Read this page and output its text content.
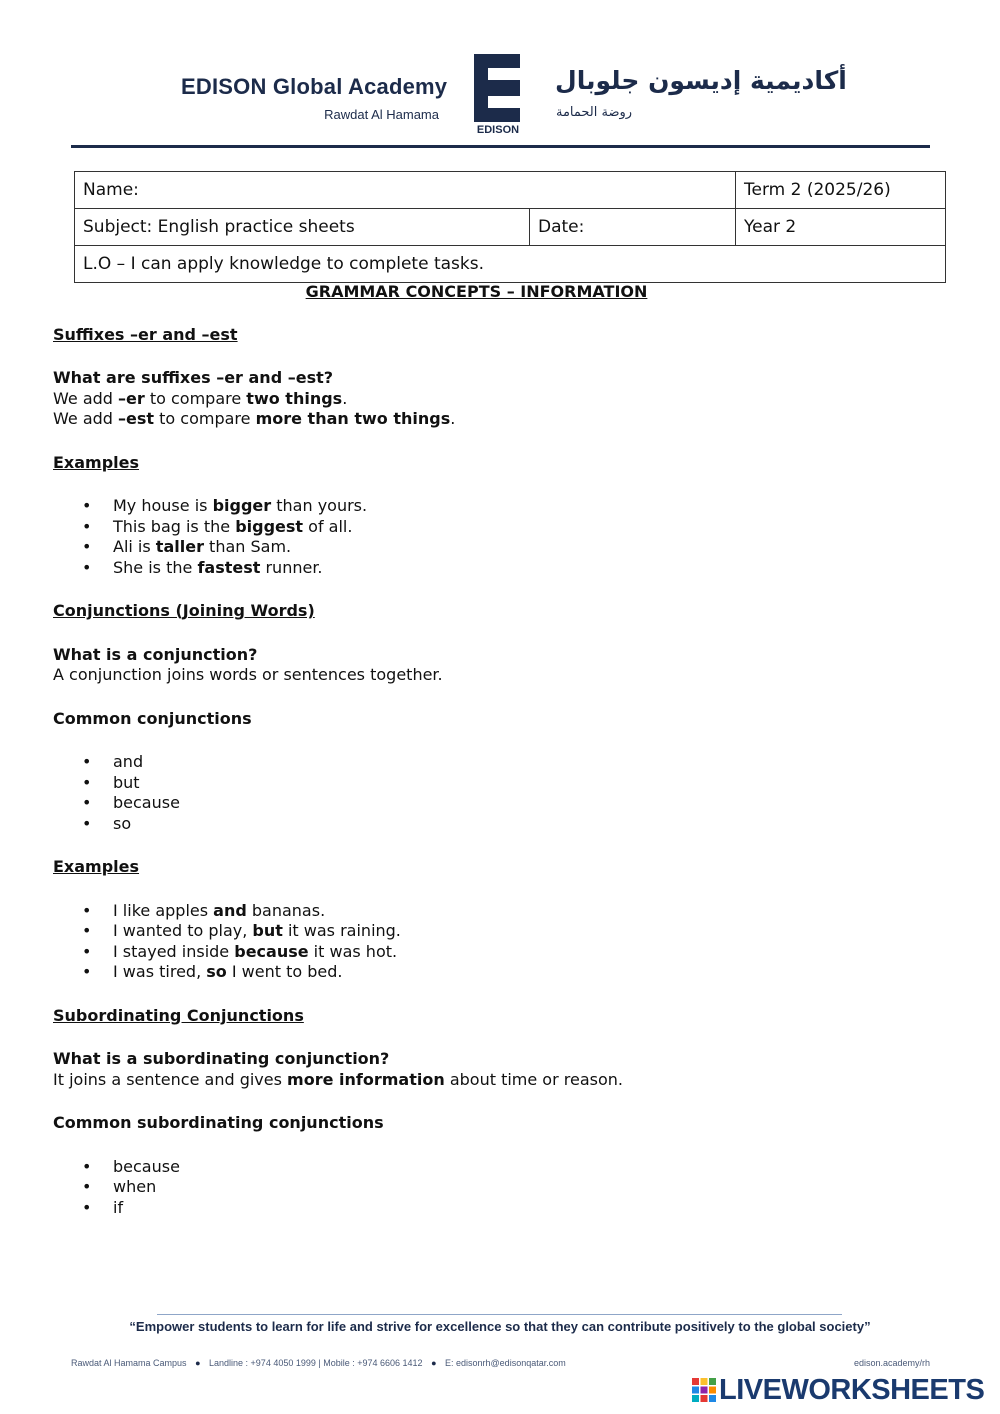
EDISON Global Academy
Rawdat Al Hamama
EDISON
أكاديمية إديسون جلوبال
روضة الحمامة
Name:		Term 2 (2025/26)
Subject: English practice sheets	Date:	Year 2
L.O – I can apply knowledge to complete tasks.		
GRAMMAR CONCEPTS – INFORMATION
Suffixes –er and –est

What are suffixes –er and –est?

We add –er to compare two things.

We add –est to compare more than two things.

Examples
• My house is bigger than yours.
• This bag is the biggest of all.
• Ali is taller than Sam.
• She is the fastest runner.
Conjunctions (Joining Words)

What is a conjunction?

A conjunction joins words or sentences together.

Common conjunctions
• and
• but
• because
• so
Examples
• I like apples and bananas.
• I wanted to play, but it was raining.
• I stayed inside because it was hot.
• I was tired, so I went to bed.
Subordinating Conjunctions

What is a subordinating conjunction?

It joins a sentence and gives more information about time or reason.

Common subordinating conjunctions
• because
• when
• if
“Empower students to learn for life and strive for excellence so that they can contribute positively to the global society”
Rawdat Al Hamama Campus ● Landline : +974 4050 1999 | Mobile : +974 6606 1412 ● E: edisonrh@edisonqatar.com	edison.academy/rh
LIVEWORKSHEETS
